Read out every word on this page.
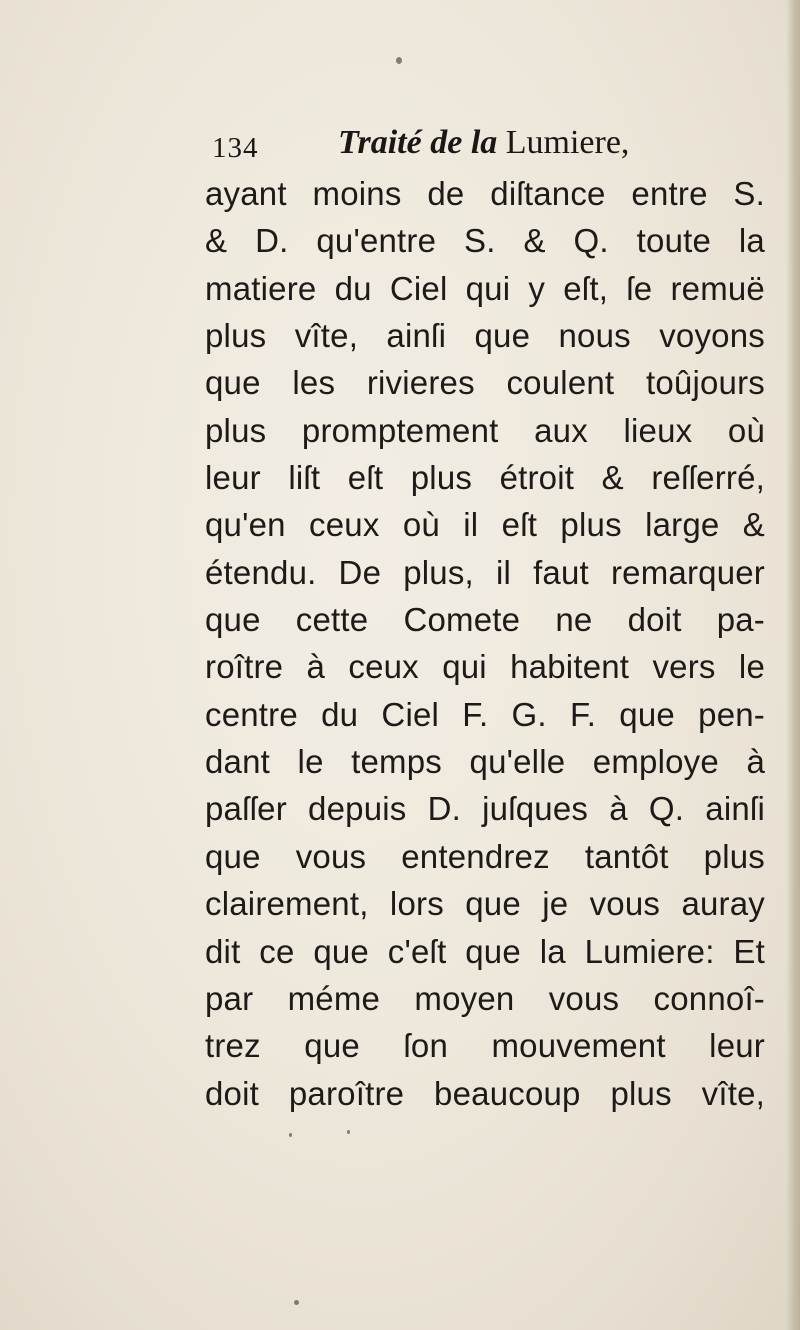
134 Traité de la Lumiere,
ayant moins de diſtance entre S.
& D. qu'entre S. & Q. toute la
matiere du Ciel qui y eſt, ſe remuë
plus vîte, ainſi que nous voyons
que les rivieres coulent toûjours
plus promptement aux lieux où
leur liſt eſt plus étroit & reſſerré,
qu'en ceux où il eſt plus large &
étendu. De plus, il faut remarquer
que cette Comete ne doit pa-
roître à ceux qui habitent vers le
centre du Ciel F. G. F. que pen-
dant le temps qu'elle employe à
paſſer depuis D. juſques à Q. ainſi
que vous entendrez tantôt plus
clairement, lors que je vous auray
dit ce que c'eſt que la Lumiere: Et
par méme moyen vous connoî-
trez que ſon mouvement leur
doit paroître beaucoup plus vîte,
